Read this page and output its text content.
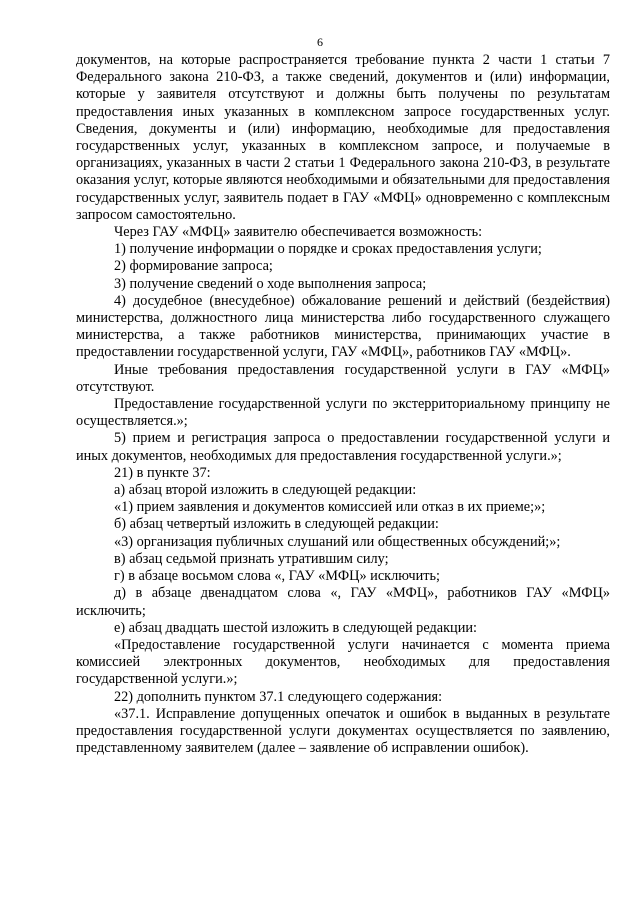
6

документов, на которые распространяется требование пункта 2 части 1 статьи 7 Федерального закона 210-ФЗ, а также сведений, документов и (или) информации, которые у заявителя отсутствуют и должны быть получены по результатам предоставления иных указанных в комплексном запросе государственных услуг. Сведения, документы и (или) информацию, необходимые для предоставления государственных услуг, указанных в комплексном запросе, и получаемые в организациях, указанных в части 2 статьи 1 Федерального закона 210-ФЗ, в результате оказания услуг, которые являются необходимыми и обязательными для предоставления государственных услуг, заявитель подает в ГАУ «МФЦ» одновременно с комплексным запросом самостоятельно.

Через ГАУ «МФЦ» заявителю обеспечивается возможность:

1) получение информации о порядке и сроках предоставления услуги;

2) формирование запроса;

3) получение сведений о ходе выполнения запроса;

4) досудебное (внесудебное) обжалование решений и действий (бездействия) министерства, должностного лица министерства либо государственного служащего министерства, а также работников министерства, принимающих участие в предоставлении государственной услуги, ГАУ «МФЦ», работников ГАУ «МФЦ».

Иные требования предоставления государственной услуги в ГАУ «МФЦ» отсутствуют.

Предоставление государственной услуги по экстерриториальному принципу не осуществляется.»;

5) прием и регистрация запроса о предоставлении государственной услуги и иных документов, необходимых для предоставления государственной услуги.»;

21) в пункте 37:

а) абзац второй изложить в следующей редакции:

«1) прием заявления и документов комиссией или отказ в их приеме;»;

б) абзац четвертый изложить в следующей редакции:

«3) организация публичных слушаний или общественных обсуждений;»;

в) абзац седьмой признать утратившим силу;

г) в абзаце восьмом слова «, ГАУ «МФЦ» исключить;

д) в абзаце двенадцатом слова «, ГАУ «МФЦ», работников ГАУ «МФЦ» исключить;

е) абзац двадцать шестой изложить в следующей редакции:

«Предоставление государственной услуги начинается с момента приема комиссией электронных документов, необходимых для предоставления государственной услуги.»;

22) дополнить пунктом 37.1 следующего содержания:

«37.1. Исправление допущенных опечаток и ошибок в выданных в результате предоставления государственной услуги документах осуществляется по заявлению, представленному заявителем (далее – заявление об исправлении ошибок).
